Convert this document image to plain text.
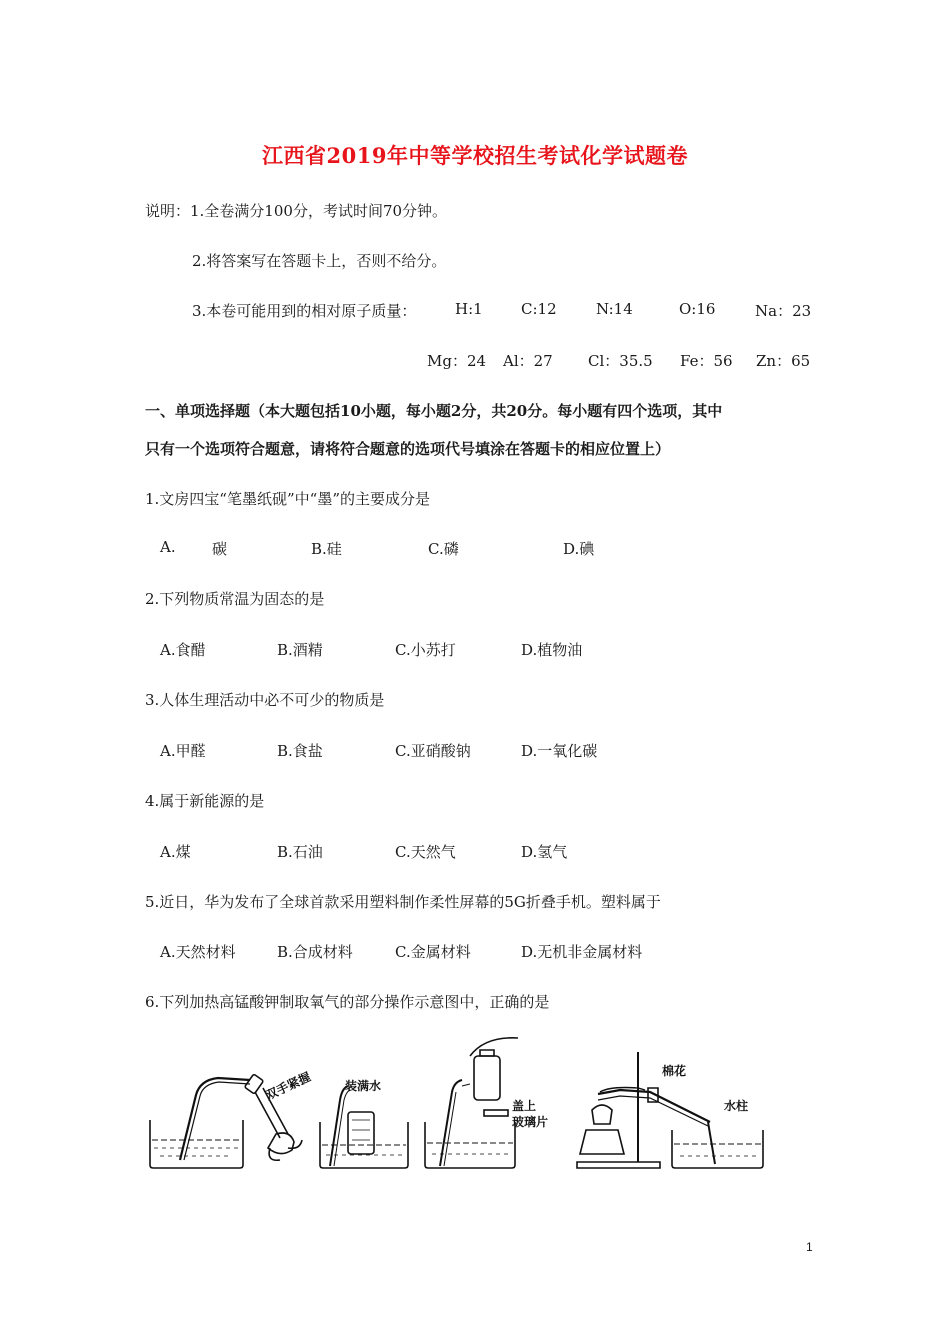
江西省2019年中等学校招生考试化学试题卷
说明：1.全卷满分100分，考试时间70分钟。
2.将答案写在答题卡上，否则不给分。
3.本卷可能用到的相对原子质量：	H:1	C:12	N:14	O:16	Na：23
Mg：24 Al：27 Cl：35.5 Fe：56 Zn：65
一、单项选择题（本大题包括10小题，每小题2分，共20分。每小题有四个选项，其中
只有一个选项符合题意，请将符合题意的选项代号填涂在答题卡的相应位置上）
1.文房四宝“笔墨纸砚”中“墨”的主要成分是
A. 碳	B.硅	C.磷	D.碘
2.下列物质常温为固态的是
A.食醋	B.酒精	C.小苏打	D.植物油
3.人体生理活动中必不可少的物质是
A.甲醛	B.食盐	C.亚硝酸钠	D.一氧化碳
4.属于新能源的是
A.煤	B.石油	C.天然气	D.氢气
5.近日，华为发布了全球首款采用塑料制作柔性屏幕的5G折叠手机。塑料属于
A.天然材料	B.合成材料	C.金属材料	D.无机非金属材料
6.下列加热高锰酸钾制取氧气的部分操作示意图中，正确的是
双手紧握	装满水
盖上
玻璃片
棉花
水柱
1
